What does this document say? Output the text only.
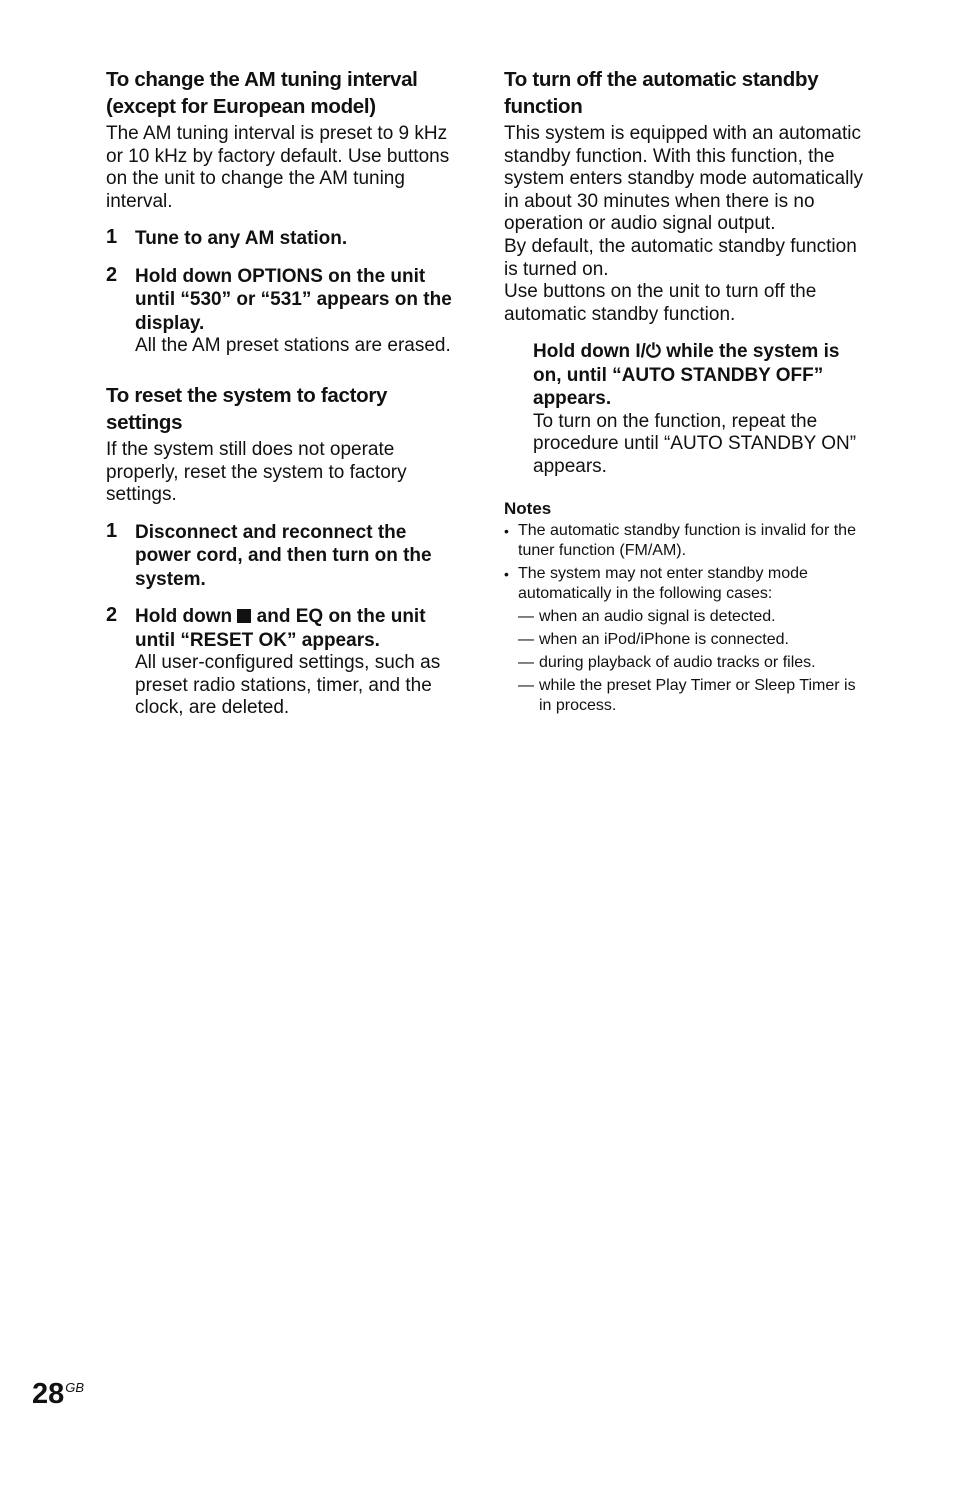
To change the AM tuning interval (except for European model)

The AM tuning interval is preset to 9 kHz or 10 kHz by factory default. Use buttons on the unit to change the AM tuning interval.

1 Tune to any AM station.

2 Hold down OPTIONS on the unit until “530” or “531” appears on the display.

All the AM preset stations are erased.

To reset the system to factory settings

If the system still does not operate properly, reset the system to factory settings.

1 Disconnect and reconnect the power cord, and then turn on the system.

2 Hold down and EQ on the unit until “RESET OK” appears.

All user-configured settings, such as preset radio stations, timer, and the clock, are deleted.

To turn off the automatic standby function

This system is equipped with an automatic standby function. With this function, the system enters standby mode automatically in about 30 minutes when there is no operation or audio signal output.

By default, the automatic standby function is turned on.

Use buttons on the unit to turn off the automatic standby function.

Hold down I/⏻ while the system is on, until “AUTO STANDBY OFF” appears.

To turn on the function, repeat the procedure until “AUTO STANDBY ON” appears.

Notes

• The automatic standby function is invalid for the tuner function (FM/AM).
• The system may not enter standby mode automatically in the following cases:
— when an audio signal is detected.
— when an iPod/iPhone is connected.
— during playback of audio tracks or files.
— while the preset Play Timer or Sleep Timer is in process.
$28^{GB}$
